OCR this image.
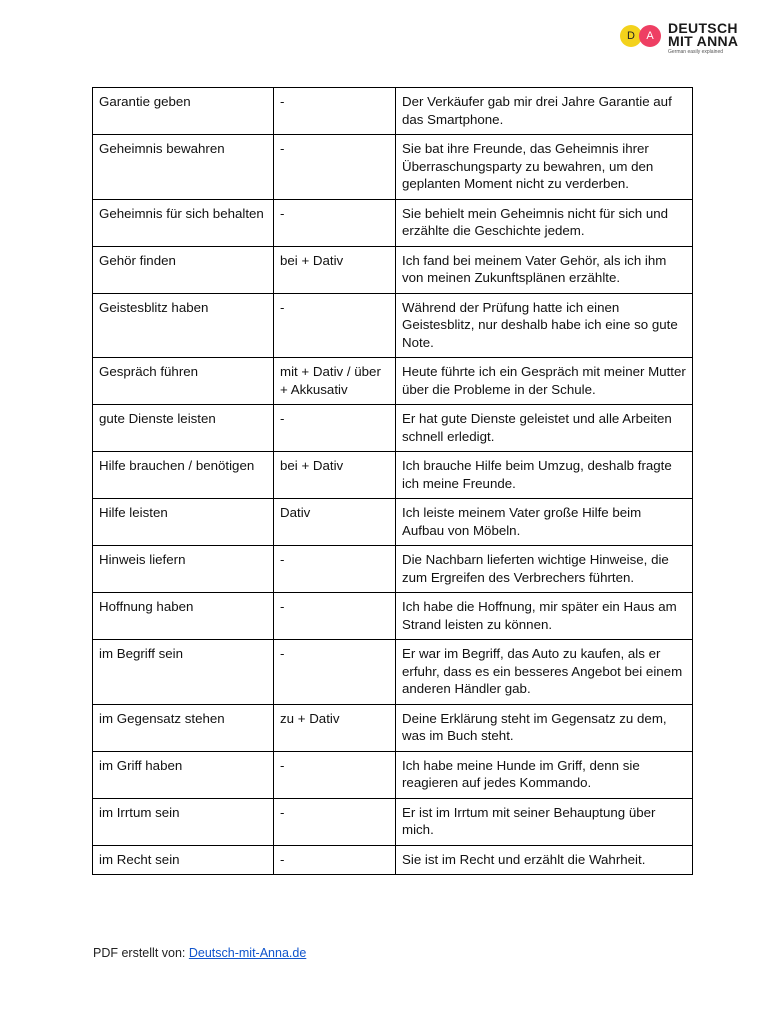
D	A	DEUTSCH
MIT ANNA
German easily explained
Garantie geben	-	Der Verkäufer gab mir drei Jahre Garantie auf das Smartphone.
Geheimnis bewahren	-	Sie bat ihre Freunde, das Geheimnis ihrer Überraschungsparty zu bewahren, um den geplanten Moment nicht zu verderben.
Geheimnis für sich behalten	-	Sie behielt mein Geheimnis nicht für sich und erzählte die Geschichte jedem.
Gehör finden	bei + Dativ	Ich fand bei meinem Vater Gehör, als ich ihm von meinen Zukunftsplänen erzählte.
Geistesblitz haben	-	Während der Prüfung hatte ich einen Geistesblitz, nur deshalb habe ich eine so gute Note.
Gespräch führen	mit + Dativ / über + Akkusativ	Heute führte ich ein Gespräch mit meiner Mutter über die Probleme in der Schule.
gute Dienste leisten	-	Er hat gute Dienste geleistet und alle Arbeiten schnell erledigt.
Hilfe brauchen / benötigen	bei + Dativ	Ich brauche Hilfe beim Umzug, deshalb fragte ich meine Freunde.
Hilfe leisten	Dativ	Ich leiste meinem Vater große Hilfe beim Aufbau von Möbeln.
Hinweis liefern	-	Die Nachbarn lieferten wichtige Hinweise, die zum Ergreifen des Verbrechers führten.
Hoffnung haben	-	Ich habe die Hoffnung, mir später ein Haus am Strand leisten zu können.
im Begriff sein	-	Er war im Begriff, das Auto zu kaufen, als er erfuhr, dass es ein besseres Angebot bei einem anderen Händler gab.
im Gegensatz stehen	zu + Dativ	Deine Erklärung steht im Gegensatz zu dem, was im Buch steht.
im Griff haben	-	Ich habe meine Hunde im Griff, denn sie reagieren auf jedes Kommando.
im Irrtum sein	-	Er ist im Irrtum mit seiner Behauptung über mich.
im Recht sein	-	Sie ist im Recht und erzählt die Wahrheit.
PDF erstellt von: Deutsch-mit-Anna.de
